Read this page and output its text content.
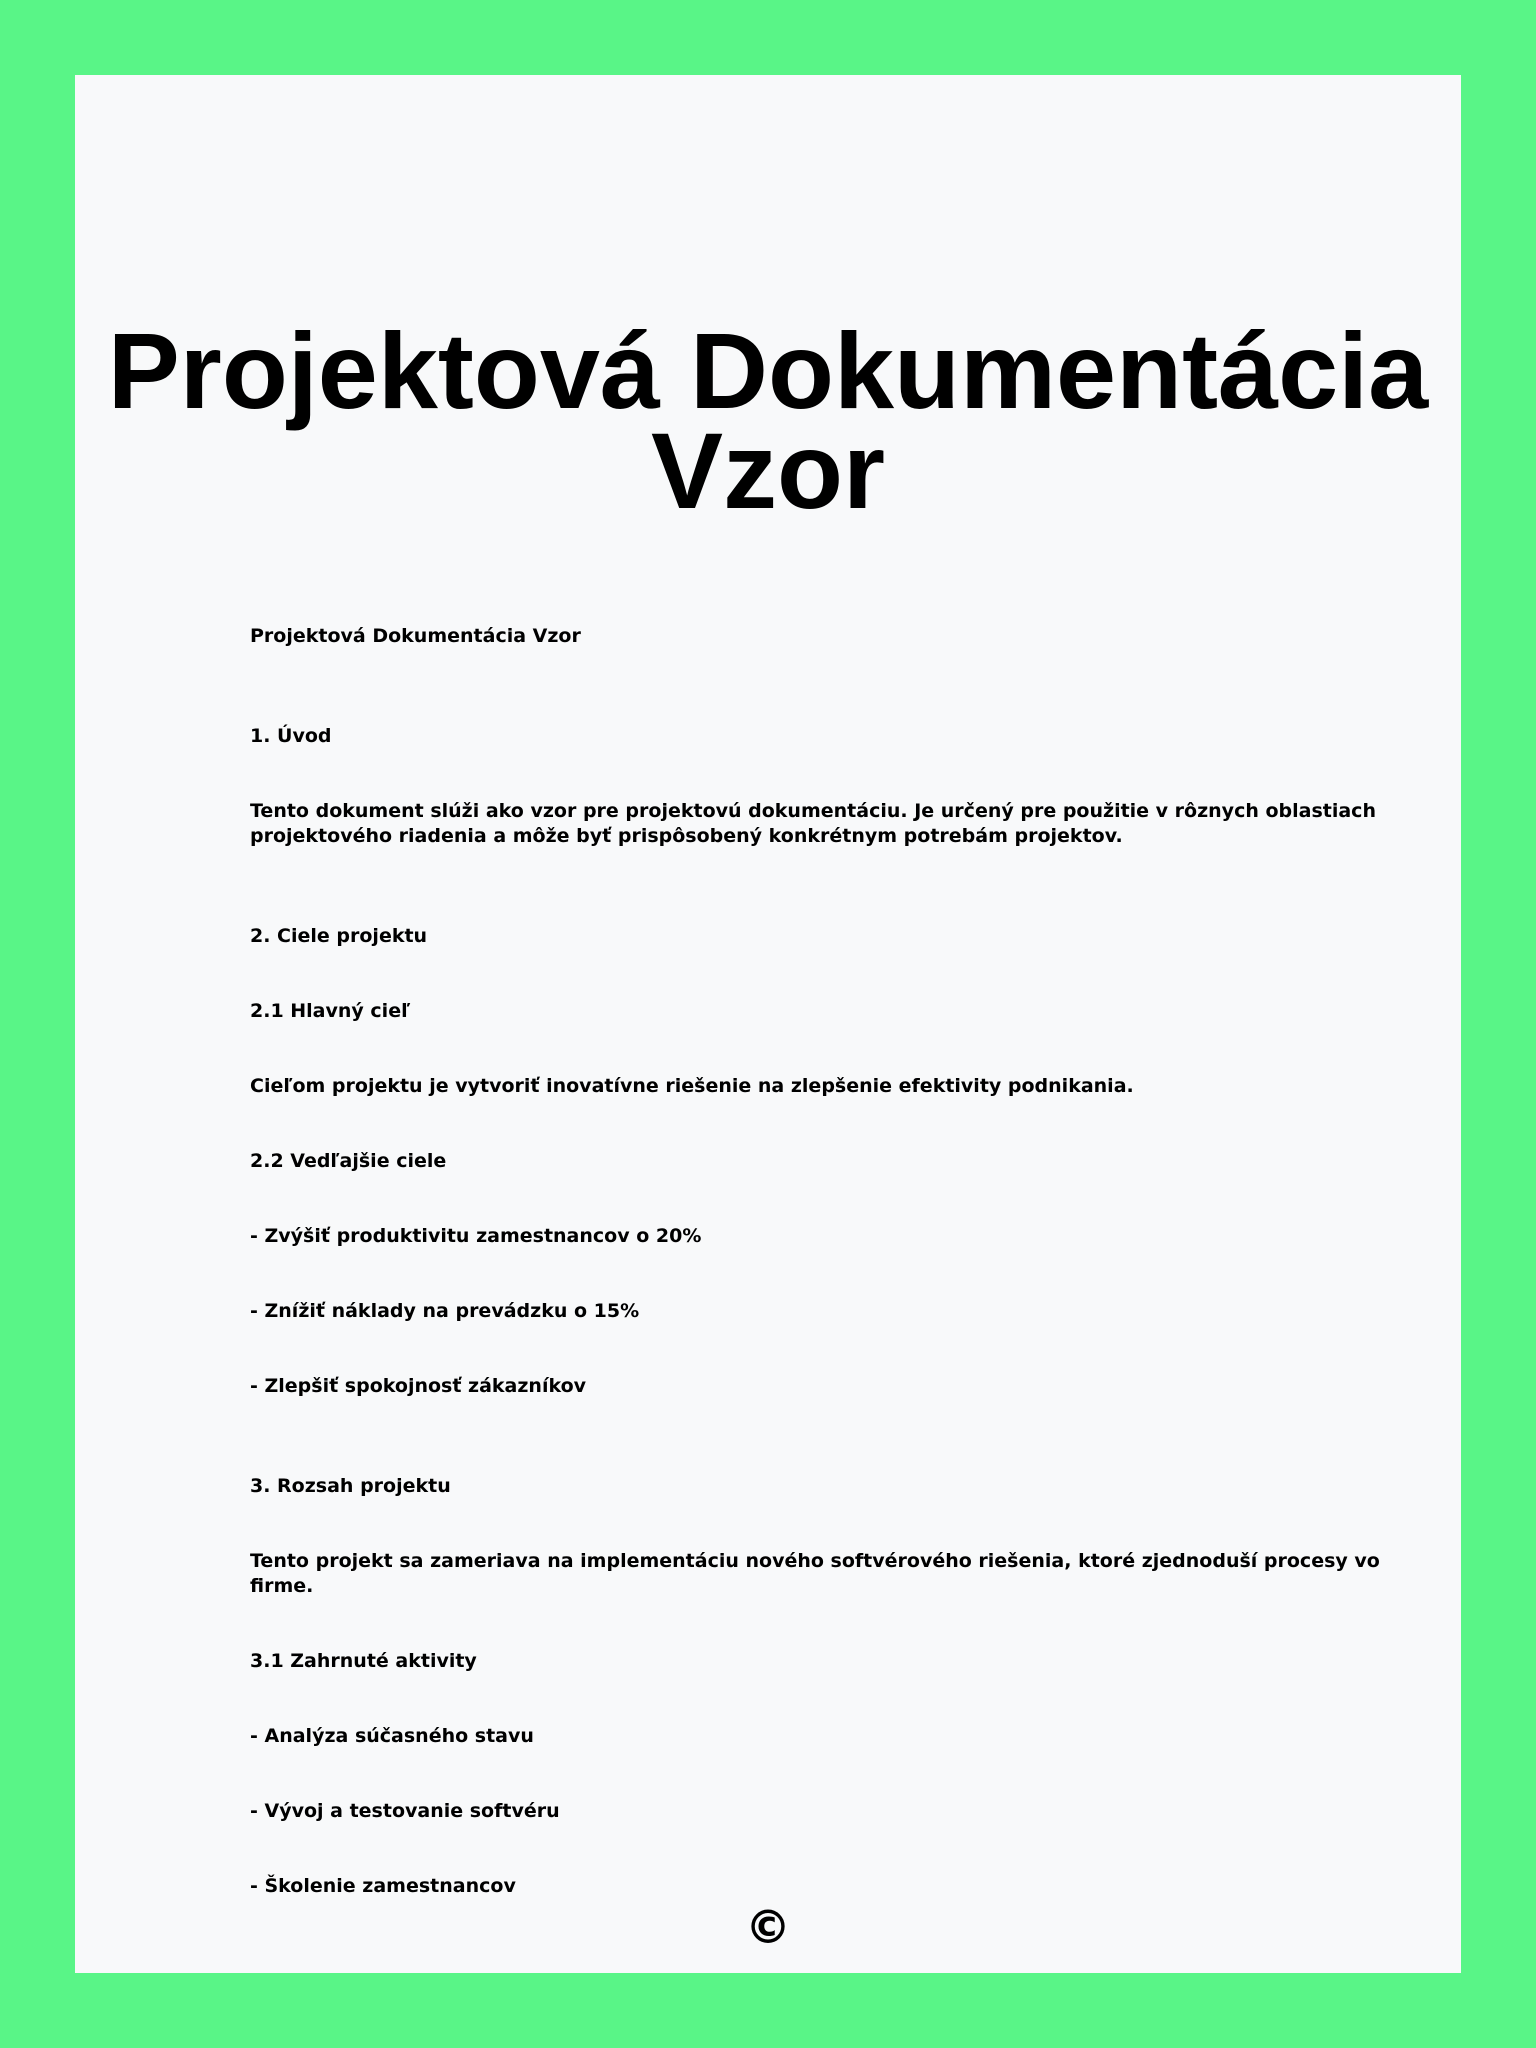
Projektová Dokumentácia
Vzor

Projektová Dokumentácia Vzor

1. Úvod

Tento dokument slúži ako vzor pre projektovú dokumentáciu. Je určený pre použitie v rôznych oblastiach

projektového riadenia a môže byť prispôsobený konkrétnym potrebám projektov.

2. Ciele projektu

2.1 Hlavný cieľ

Cieľom projektu je vytvoriť inovatívne riešenie na zlepšenie efektivity podnikania.

2.2 Vedľajšie ciele

- Zvýšiť produktivitu zamestnancov o 20%

- Znížiť náklady na prevádzku o 15%

- Zlepšiť spokojnosť zákazníkov

3. Rozsah projektu

Tento projekt sa zameriava na implementáciu nového softvérového riešenia, ktoré zjednoduší procesy vo

firme.

3.1 Zahrnuté aktivity

- Analýza súčasného stavu

- Vývoj a testovanie softvéru

- Školenie zamestnancov

©
